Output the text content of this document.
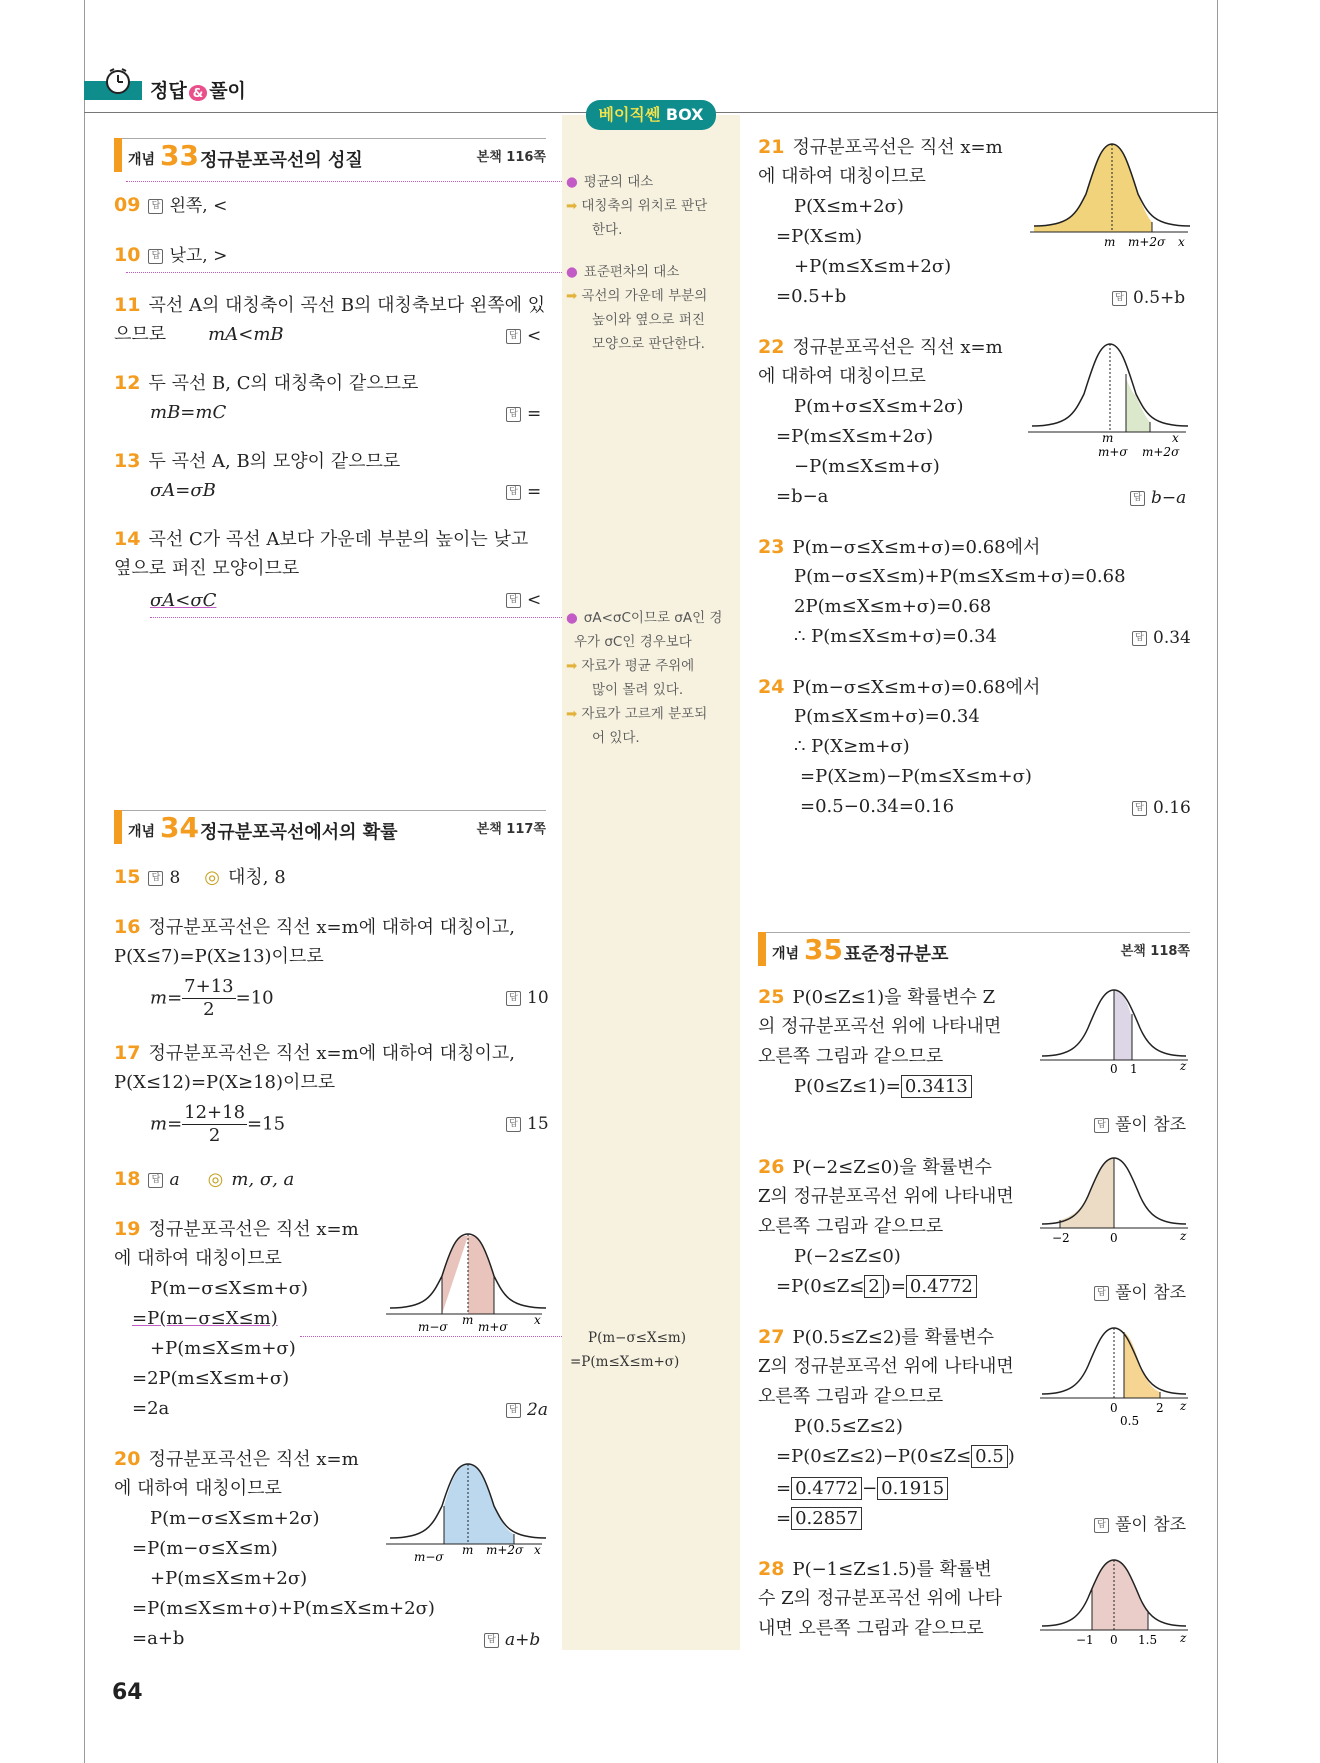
정답 & 풀이
베이직쎈 BOX
개념 33 정규분포곡선의 성질	본책 116쪽
09 답 왼쪽, <
10 답 낮고, >
11 곡선 A의 대칭축이 곡선 B의 대칭축보다 왼쪽에 있
으므로 mA<mB	답 <
12 두 곡선 B, C의 대칭축이 같으므로
mB=mC	답 =
13 두 곡선 A, B의 모양이 같으므로
σA=σB	답 =
14 곡선 C가 곡선 A보다 가운데 부분의 높이는 낮고
옆으로 퍼진 모양이므로
σA<σC	답 <
개념 34 정규분포곡선에서의 확률	본책 117쪽
15 답 8 ◎ 대칭, 8
16 정규분포곡선은 직선 x=m에 대하여 대칭이고,
P(X≤7)=P(X≥13)이므로
$m= \frac{7+13}{2}=10$	답 10
17 정규분포곡선은 직선 x=m에 대하여 대칭이고,
P(X≤12)=P(X≥18)이므로
$m= \frac{12+18}{2}=15$	답 15
18 답 a ◎ m, σ, a
19 정규분포곡선은 직선 x=m
에 대하여 대칭이므로
P(m−σ≤X≤m+σ)
=P(m−σ≤X≤m)
+P(m≤X≤m+σ)
=2P(m≤X≤m+σ)
=2a	답 2a
m−σ m m+σ x
20 정규분포곡선은 직선 x=m
에 대하여 대칭이므로
P(m−σ≤X≤m+2σ)
=P(m−σ≤X≤m)
+P(m≤X≤m+2σ)
=P(m≤X≤m+σ)+P(m≤X≤m+2σ)
=a+b	답 a+b
m−σ m m+2σ x
● 평균의 대소
➡ 대칭축의 위치로 판단
한다.
● 표준편차의 대소
➡ 곡선의 가운데 부분의
높이와 옆으로 퍼진
모양으로 판단한다.
● σA<σC이므로 σA인 경
우가 σC인 경우보다
➡ 자료가 평균 주위에
많이 몰려 있다.
➡ 자료가 고르게 분포되
어 있다.
P(m−σ≤X≤m)
=P(m≤X≤m+σ)
21 정규분포곡선은 직선 x=m
에 대하여 대칭이므로
P(X≤m+2σ)
=P(X≤m)
+P(m≤X≤m+2σ)
=0.5+b	답 0.5+b
m m+2σ x
22 정규분포곡선은 직선 x=m
에 대하여 대칭이므로
P(m+σ≤X≤m+2σ)
=P(m≤X≤m+2σ)
−P(m≤X≤m+σ)
=b−a	답 b−a
m
m+σ
x
m+2σ
23 P(m−σ≤X≤m+σ)=0.68에서
P(m−σ≤X≤m)+P(m≤X≤m+σ)=0.68
2P(m≤X≤m+σ)=0.68
∴ P(m≤X≤m+σ)=0.34	답 0.34
24 P(m−σ≤X≤m+σ)=0.68에서
P(m≤X≤m+σ)=0.34
∴ P(X≥m+σ)
=P(X≥m)−P(m≤X≤m+σ)
=0.5−0.34=0.16	답 0.16
개념 35 표준정규분포	본책 118쪽
25 P(0≤Z≤1)을 확률변수 Z
의 정규분포곡선 위에 나타내면
오른쪽 그림과 같으므로
P(0≤Z≤1)= 0.3413
답 풀이 참조
0 1	z
26 P(−2≤Z≤0)을 확률변수
Z의 정규분포곡선 위에 나타내면
오른쪽 그림과 같으므로
P(−2≤Z≤0)
=P(0≤Z≤ 2 )= 0.4772	답 풀이 참조
−2	0	z
27 P(0.5≤Z≤2)를 확률변수
Z의 정규분포곡선 위에 나타내면
오른쪽 그림과 같으므로
P(0.5≤Z≤2)
=P(0≤Z≤2)−P(0≤Z≤ 0.5 )
= 0.4772 − 0.1915
= 0.2857	답 풀이 참조
0	2 z
0.5
28 P(−1≤Z≤1.5)를 확률변
수 Z의 정규분포곡선 위에 나타
내면 오른쪽 그림과 같으므로
−1 0 1.5 z
64
